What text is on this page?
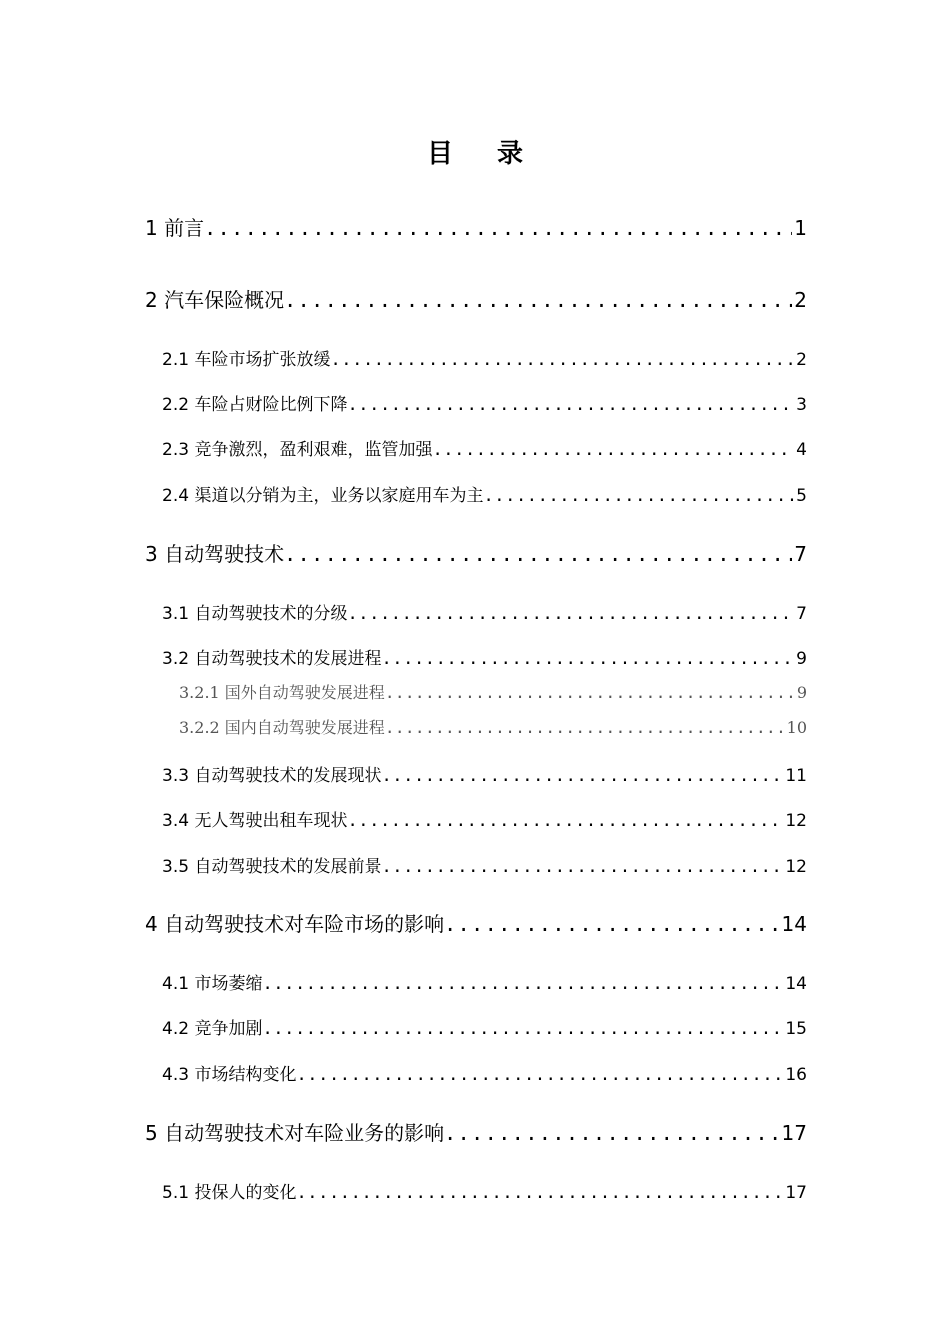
目录
1 前言 .....	1
2 汽车保险概况 .....	2
2.1 车险市场扩张放缓 .....	2
2.2 车险占财险比例下降 .....	3
2.3 竞争激烈，盈利艰难，监管加强 .....	4
2.4 渠道以分销为主，业务以家庭用车为主 .....	5
3 自动驾驶技术 .....	7
3.1 自动驾驶技术的分级 .....	7
3.2 自动驾驶技术的发展进程 .....	9
3.2.1 国外自动驾驶发展进程 .....	9
3.2.2 国内自动驾驶发展进程 .....	10
3.3 自动驾驶技术的发展现状 .....	11
3.4 无人驾驶出租车现状 .....	12
3.5 自动驾驶技术的发展前景 .....	12
4 自动驾驶技术对车险市场的影响 .....	14
4.1 市场萎缩 .....	14
4.2 竞争加剧 .....	15
4.3 市场结构变化 .....	16
5 自动驾驶技术对车险业务的影响 .....	17
5.1 投保人的变化 .....	17
